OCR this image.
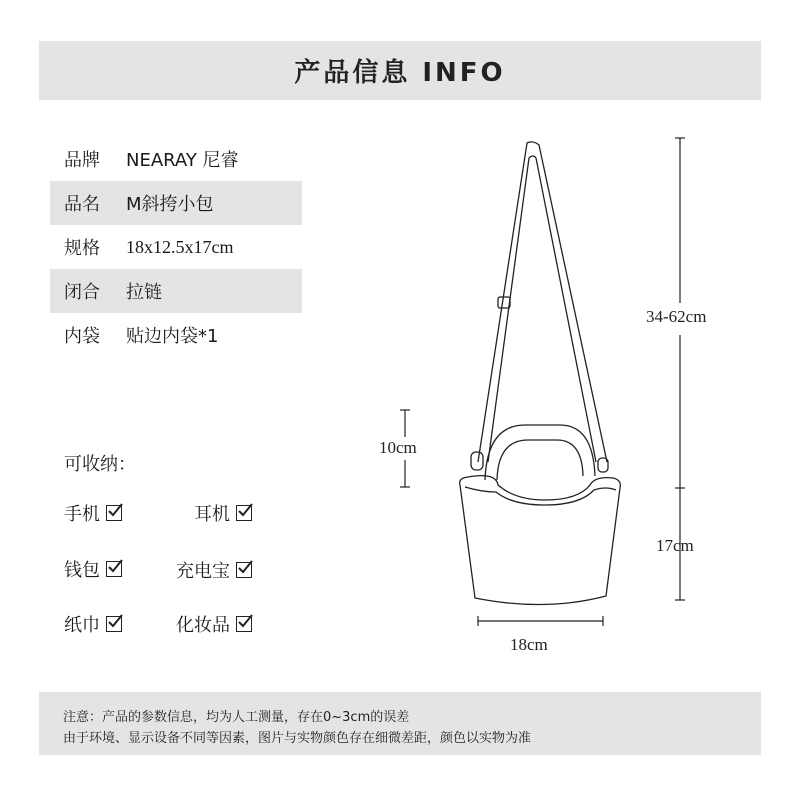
产品信息 INFO
品牌	NEARAY 尼睿
品名	M斜挎小包
规格	18x12.5x17cm
闭合	拉链
内袋	贴边内袋*1
可收纳：
手机	耳机
钱包	充电宝
纸巾	化妆品
34-62cm
10cm
17cm
18cm
注意：产品的参数信息，均为人工测量，存在0~3cm的误差
由于环境、显示设备不同等因素，图片与实物颜色存在细微差距，颜色以实物为准
